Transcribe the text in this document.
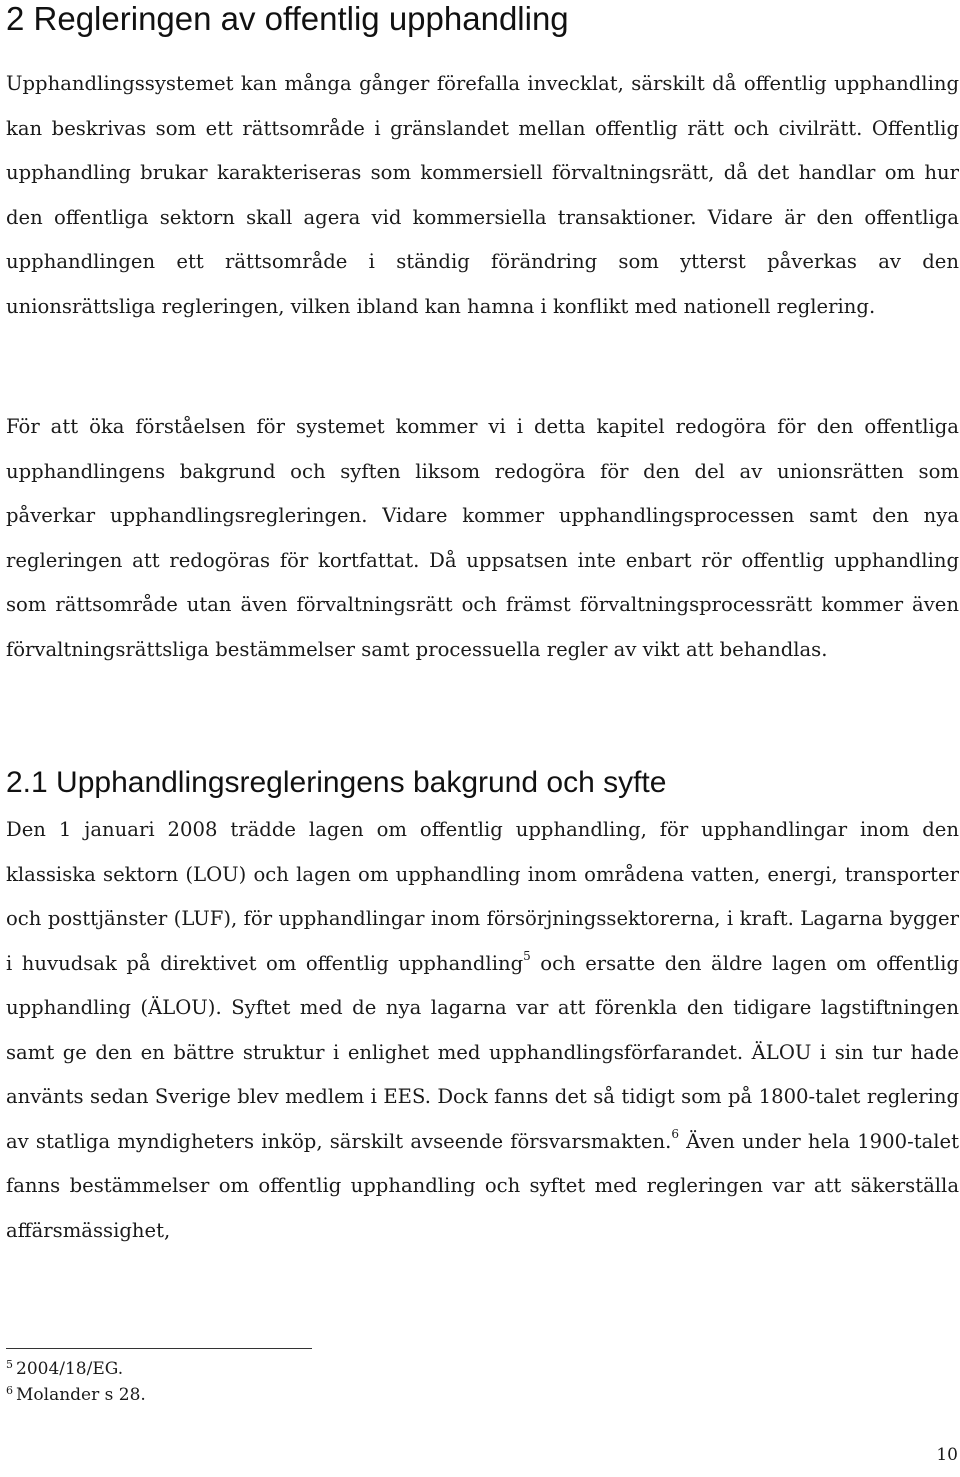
2 Regleringen av offentlig upphandling

Upphandlingssystemet kan många gånger förefalla invecklat, särskilt då offentlig upphandling kan beskrivas som ett rättsområde i gränslandet mellan offentlig rätt och civilrätt. Offentlig upphandling brukar karakteriseras som kommersiell förvaltningsrätt, då det handlar om hur den offentliga sektorn skall agera vid kommersiella transaktioner. Vidare är den offentliga upphandlingen ett rättsområde i ständig förändring som ytterst påverkas av den unionsrättsliga regleringen, vilken ibland kan hamna i konflikt med nationell reglering.

För att öka förståelsen för systemet kommer vi i detta kapitel redogöra för den offentliga upphandlingens bakgrund och syften liksom redogöra för den del av unionsrätten som påverkar upphandlingsregleringen. Vidare kommer upphandlingsprocessen samt den nya regleringen att redogöras för kortfattat. Då uppsatsen inte enbart rör offentlig upphandling som rättsområde utan även förvaltningsrätt och främst förvaltningsprocessrätt kommer även förvaltningsrättsliga bestämmelser samt processuella regler av vikt att behandlas.

2.1 Upphandlingsregleringens bakgrund och syfte

Den 1 januari 2008 trädde lagen om offentlig upphandling, för upphandlingar inom den klassiska sektorn (LOU) och lagen om upphandling inom områdena vatten, energi, transporter och posttjänster (LUF), för upphandlingar inom försörjningssektorerna, i kraft. Lagarna bygger i huvudsak på direktivet om offentlig upphandling$^5$ och ersatte den äldre lagen om offentlig upphandling (ÄLOU). Syftet med de nya lagarna var att förenkla den tidigare lagstiftningen samt ge den en bättre struktur i enlighet med upphandlingsförfarandet. ÄLOU i sin tur hade använts sedan Sverige blev medlem i EES. Dock fanns det så tidigt som på 1800-talet reglering av statliga myndigheters inköp, särskilt avseende försvarsmakten.$^6$ Även under hela 1900-talet fanns bestämmelser om offentlig upphandling och syftet med regleringen var att säkerställa affärsmässighet,

$^5$ 2004/18/EG.
$^6$ Molander s 28.
10
